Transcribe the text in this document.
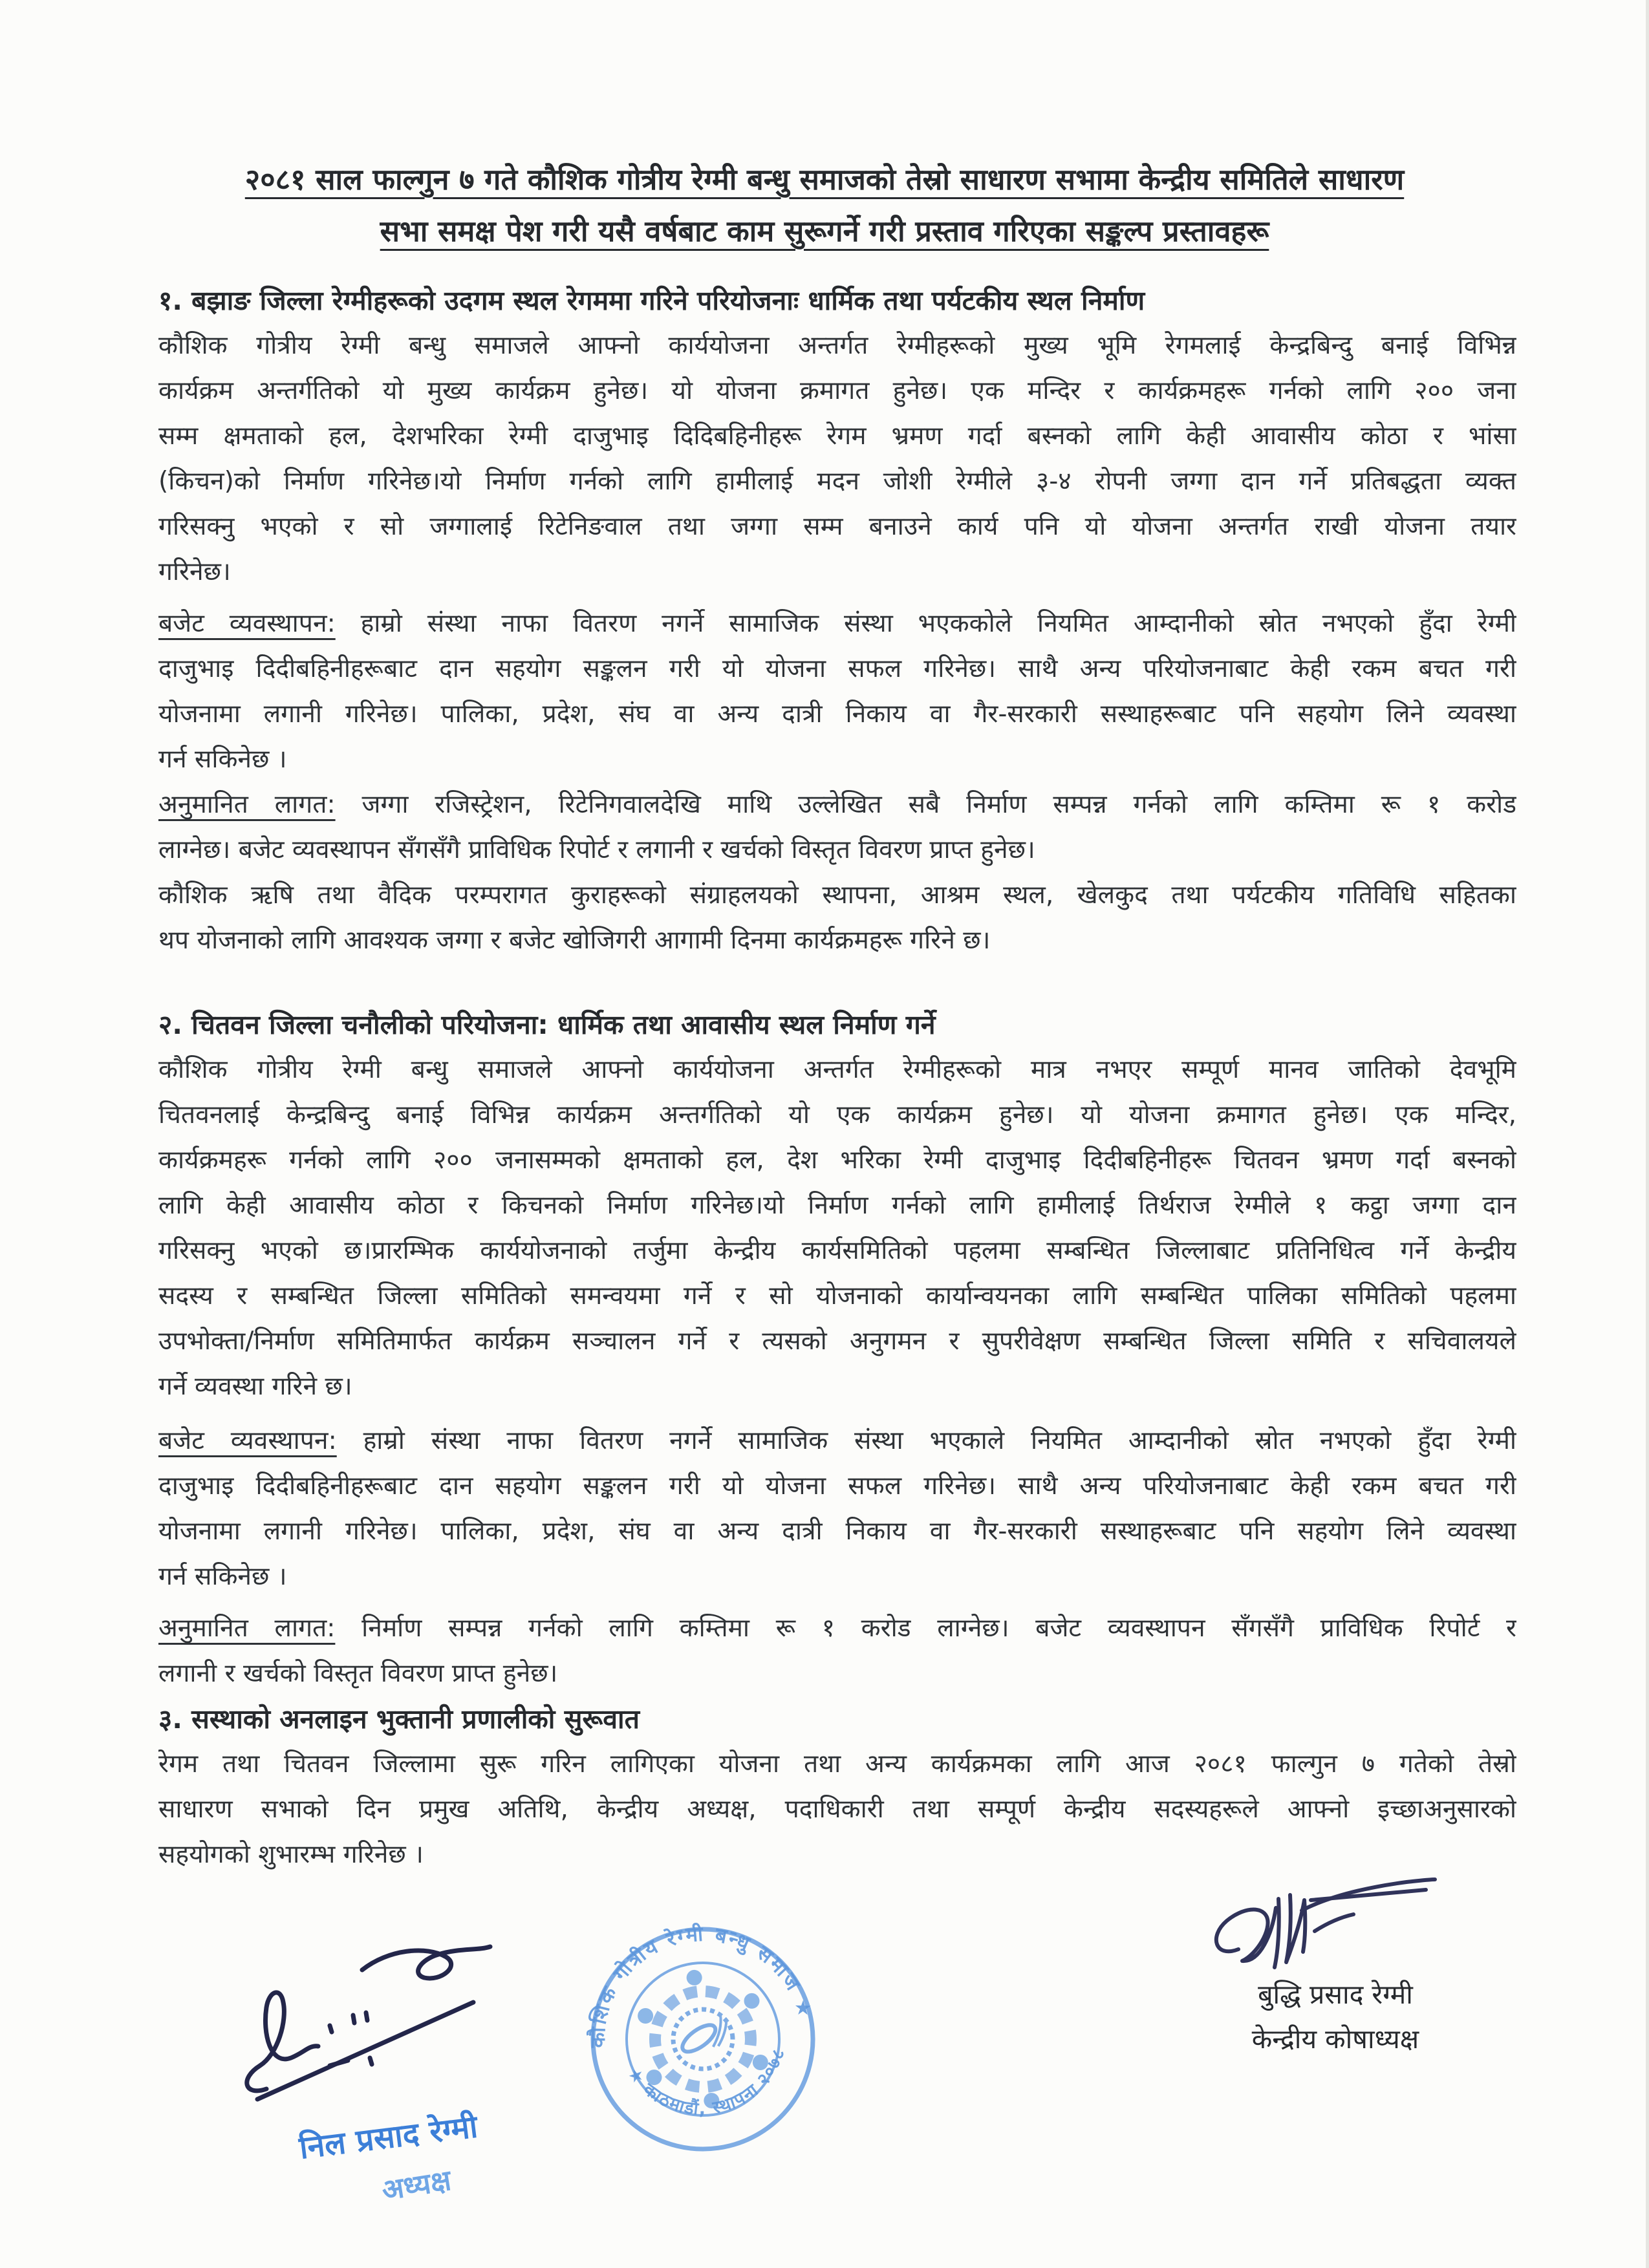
२०८१ साल फाल्गुन ७ गते कौशिक गोत्रीय रेग्मी बन्धु समाजको तेस्रो साधारण सभामा केन्द्रीय समितिले साधारण
सभा समक्ष पेश गरी यसै वर्षबाट काम सुरूगर्ने गरी प्रस्ताव गरिएका सङ्कल्प प्रस्तावहरू
१. बझाङ जिल्ला रेग्मीहरूको उदगम स्थल रेगममा गरिने परियोजनाः धार्मिक तथा पर्यटकीय स्थल निर्माण
कौशिक गोत्रीय रेग्मी बन्धु समाजले आफ्नो कार्ययोजना अन्तर्गत रेग्मीहरूको मुख्य भूमि रेगमलाई केन्द्रबिन्दु बनाई विभिन्न
कार्यक्रम अन्तर्गतिको यो मुख्य कार्यक्रम हुनेछ। यो योजना क्रमागत हुनेछ। एक मन्दिर र कार्यक्रमहरू गर्नको लागि २०० जना
सम्म क्षमताको हल, देशभरिका रेग्मी दाजुभाइ दिदिबहिनीहरू रेगम भ्रमण गर्दा बस्नको लागि केही आवासीय कोठा र भांसा
(किचन)को निर्माण गरिनेछ।यो निर्माण गर्नको लागि हामीलाई मदन जोशी रेग्मीले ३-४ रोपनी जग्गा दान गर्ने प्रतिबद्धता व्यक्त
गरिसक्नु भएको र सो जग्गालाई रिटेनिङवाल तथा जग्गा सम्म बनाउने कार्य पनि यो योजना अन्तर्गत राखी योजना तयार
गरिनेछ।
बजेट व्यवस्थापन: हाम्रो संस्था नाफा वितरण नगर्ने सामाजिक संस्था भएककोले नियमित आम्दानीको स्रोत नभएको हुँदा रेग्मी
दाजुभाइ दिदीबहिनीहरूबाट दान सहयोग सङ्कलन गरी यो योजना सफल गरिनेछ। साथै अन्य परियोजनाबाट केही रकम बचत गरी
योजनामा लगानी गरिनेछ। पालिका, प्रदेश, संघ वा अन्य दात्री निकाय वा गैर-सरकारी सस्थाहरूबाट पनि सहयोग लिने व्यवस्था
गर्न सकिनेछ ।
अनुमानित लागत: जग्गा रजिस्ट्रेशन, रिटेनिगवालदेखि माथि उल्लेखित सबै निर्माण सम्पन्न गर्नको लागि कम्तिमा रू १ करोड
लाग्नेछ। बजेट व्यवस्थापन सँगसँगै प्राविधिक रिपोर्ट र लगानी र खर्चको विस्तृत विवरण प्राप्त हुनेछ।
कौशिक ऋषि तथा वैदिक परम्परागत कुराहरूको संग्राहलयको स्थापना, आश्रम स्थल, खेलकुद तथा पर्यटकीय गतिविधि सहितका
थप योजनाको लागि आवश्यक जग्गा र बजेट खोजिगरी आगामी दिनमा कार्यक्रमहरू गरिने छ।
२. चितवन जिल्ला चनौलीको परियोजना: धार्मिक तथा आवासीय स्थल निर्माण गर्ने
कौशिक गोत्रीय रेग्मी बन्धु समाजले आफ्नो कार्ययोजना अन्तर्गत रेग्मीहरूको मात्र नभएर सम्पूर्ण मानव जातिको देवभूमि
चितवनलाई केन्द्रबिन्दु बनाई विभिन्न कार्यक्रम अन्तर्गतिको यो एक कार्यक्रम हुनेछ। यो योजना क्रमागत हुनेछ। एक मन्दिर,
कार्यक्रमहरू गर्नको लागि २०० जनासम्मको क्षमताको हल, देश भरिका रेग्मी दाजुभाइ दिदीबहिनीहरू चितवन भ्रमण गर्दा बस्नको
लागि केही आवासीय कोठा र किचनको निर्माण गरिनेछ।यो निर्माण गर्नको लागि हामीलाई तिर्थराज रेग्मीले १ कट्ठा जग्गा दान
गरिसक्नु भएको छ।प्रारम्भिक कार्ययोजनाको तर्जुमा केन्द्रीय कार्यसमितिको पहलमा सम्बन्धित जिल्लाबाट प्रतिनिधित्व गर्ने केन्द्रीय
सदस्य र सम्बन्धित जिल्ला समितिको समन्वयमा गर्ने र सो योजनाको कार्यान्वयनका लागि सम्बन्धित पालिका समितिको पहलमा
उपभोक्ता/निर्माण समितिमार्फत कार्यक्रम सञ्चालन गर्ने र त्यसको अनुगमन र सुपरीवेक्षण सम्बन्धित जिल्ला समिति र सचिवालयले
गर्ने व्यवस्था गरिने छ।
बजेट व्यवस्थापन: हाम्रो संस्था नाफा वितरण नगर्ने सामाजिक संस्था भएकाले नियमित आम्दानीको स्रोत नभएको हुँदा रेग्मी
दाजुभाइ दिदीबहिनीहरूबाट दान सहयोग सङ्कलन गरी यो योजना सफल गरिनेछ। साथै अन्य परियोजनाबाट केही रकम बचत गरी
योजनामा लगानी गरिनेछ। पालिका, प्रदेश, संघ वा अन्य दात्री निकाय वा गैर-सरकारी सस्थाहरूबाट पनि सहयोग लिने व्यवस्था
गर्न सकिनेछ ।
अनुमानित लागत: निर्माण सम्पन्न गर्नको लागि कम्तिमा रू १ करोड लाग्नेछ। बजेट व्यवस्थापन सँगसँगै प्राविधिक रिपोर्ट र
लगानी र खर्चको विस्तृत विवरण प्राप्त हुनेछ।
३. सस्थाको अनलाइन भुक्तानी प्रणालीको सुरूवात
रेगम तथा चितवन जिल्लामा सुरू गरिन लागिएका योजना तथा अन्य कार्यक्रमका लागि आज २०८१ फाल्गुन ७ गतेको तेस्रो
साधारण सभाको दिन प्रमुख अतिथि, केन्द्रीय अध्यक्ष, पदाधिकारी तथा सम्पूर्ण केन्द्रीय सदस्यहरूले आफ्नो इच्छाअनुसारको
सहयोगको शुभारम्भ गरिनेछ ।
कौशिक गोत्रीय रेग्मी बन्धु समाज ★
★ काठमाडौं, स्थापना २०७८
निल प्रसाद रेग्मी
अध्यक्ष
बुद्धि प्रसाद रेग्मी
केन्द्रीय कोषाध्यक्ष
